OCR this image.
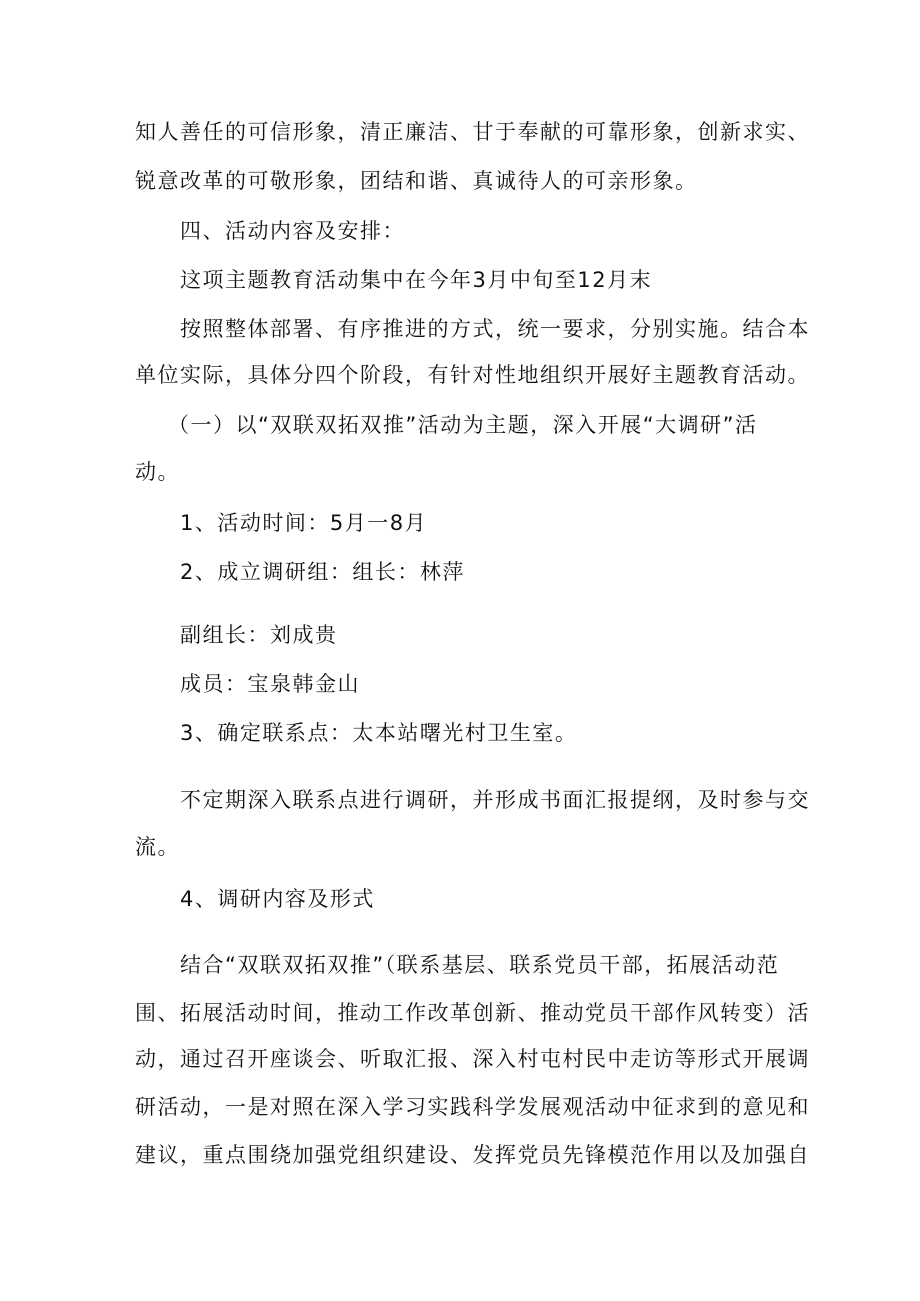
知人善任的可信形象，清正廉洁、甘于奉献的可靠形象，创新求实、
锐意改革的可敬形象，团结和谐、真诚待人的可亲形象。
四、活动内容及安排：
这项主题教育活动集中在今年3月中旬至12月末
按照整体部署、有序推进的方式，统一要求，分别实施。结合本
单位实际，具体分四个阶段，有针对性地组织开展好主题教育活动。
（一）以“双联双拓双推”活动为主题，深入开展“大调研”活
动。
1、活动时间：5月一8月
2、成立调研组：组长：林萍
副组长：刘成贵
成员：宝泉韩金山
3、确定联系点：太本站曙光村卫生室。
不定期深入联系点进行调研，并形成书面汇报提纲，及时参与交
流。
4、调研内容及形式
结合“双联双拓双推”（联系基层、联系党员干部，拓展活动范
围、拓展活动时间，推动工作改革创新、推动党员干部作风转变）活
动，通过召开座谈会、听取汇报、深入村屯村民中走访等形式开展调
研活动，一是对照在深入学习实践科学发展观活动中征求到的意见和
建议，重点围绕加强党组织建设、发挥党员先锋模范作用以及加强自
